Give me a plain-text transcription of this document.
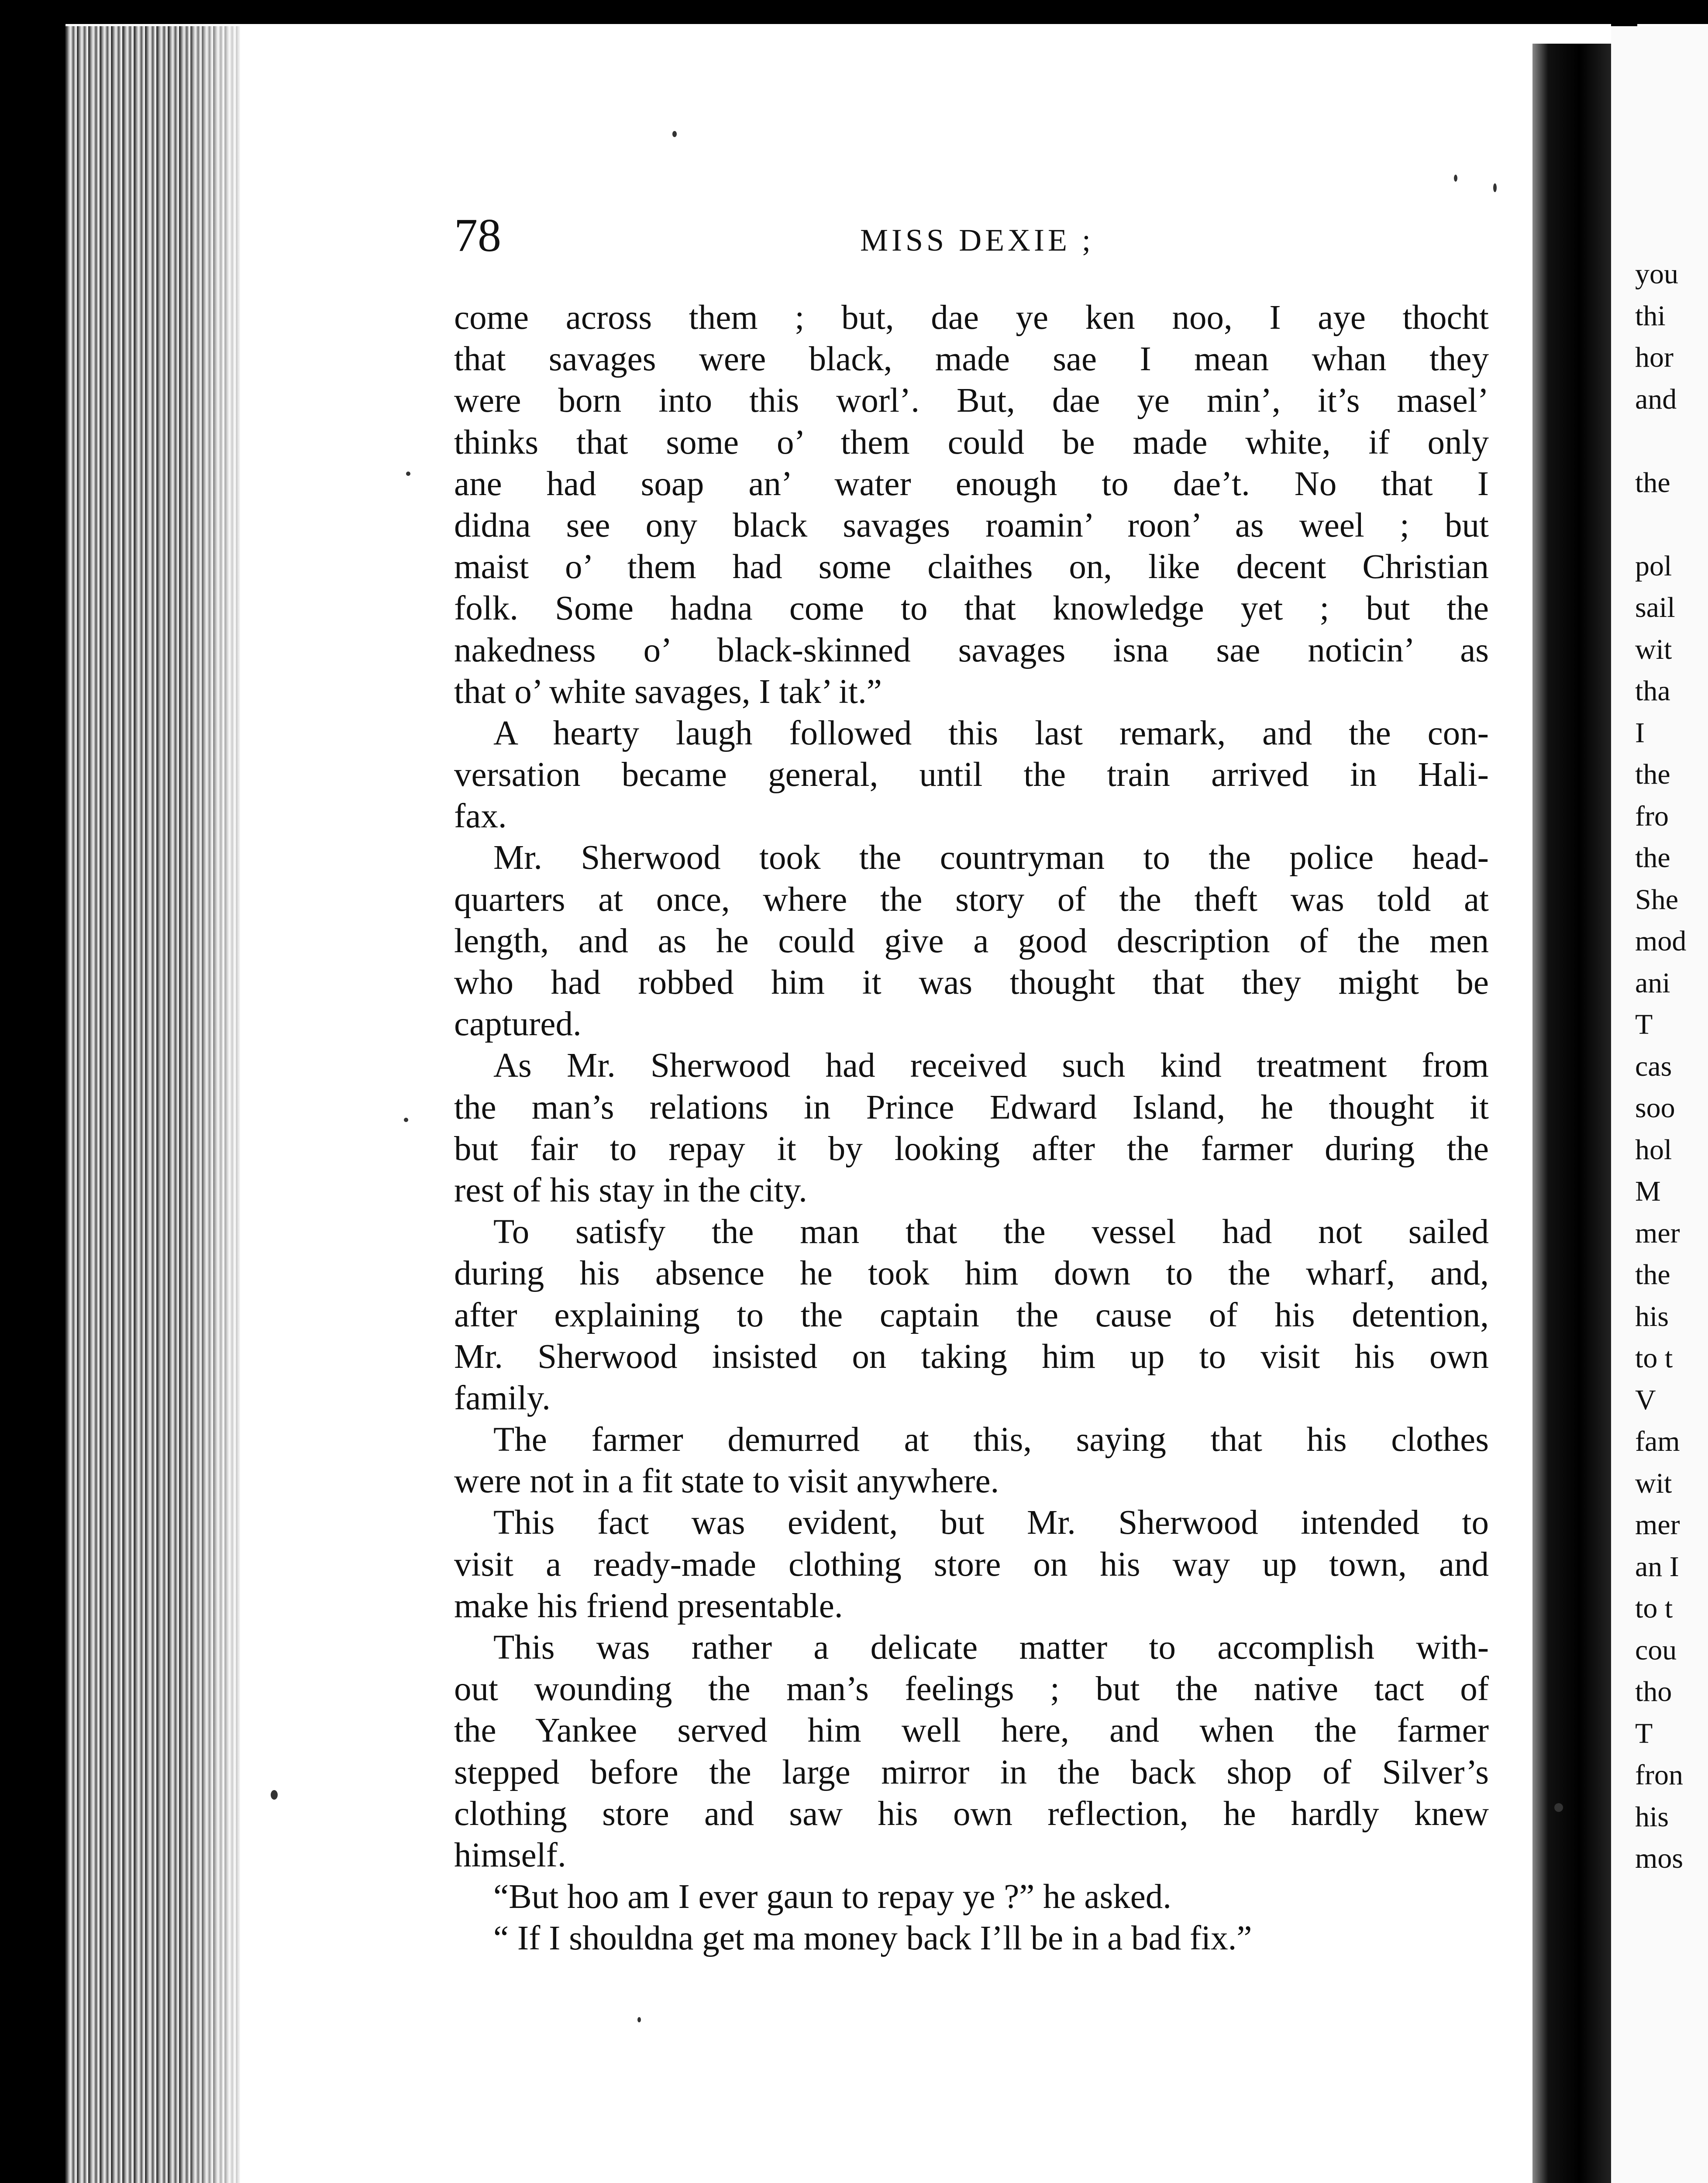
you
thi
hor
and
the
pol
sail
wit
tha
I
the
fro
the
She
mod
ani
T
cas
soo
hol
M
mer
the
his
to t
V
fam
wit
mer
an I
to t
cou
tho
T
fron
his
mos
78	MISS DEXIE ;
come across them ; but, dae ye ken noo, I aye thocht
that savages were black, made sae I mean whan they
were born into this worl’. But, dae ye min’, it’s masel’
thinks that some o’ them could be made white, if only
ane had soap an’ water enough to dae’t. No that I
didna see ony black savages roamin’ roon’ as weel ; but
maist o’ them had some claithes on, like decent Christian
folk. Some hadna come to that knowledge yet ; but the
nakedness o’ black-skinned savages isna sae noticin’ as
that o’ white savages, I tak’ it.”
A hearty laugh followed this last remark, and the con-
versation became general, until the train arrived in Hali-
fax.
Mr. Sherwood took the countryman to the police head-
quarters at once, where the story of the theft was told at
length, and as he could give a good description of the men
who had robbed him it was thought that they might be
captured.
As Mr. Sherwood had received such kind treatment from
the man’s relations in Prince Edward Island, he thought it
but fair to repay it by looking after the farmer during the
rest of his stay in the city.
To satisfy the man that the vessel had not sailed
during his absence he took him down to the wharf, and,
after explaining to the captain the cause of his detention,
Mr. Sherwood insisted on taking him up to visit his own
family.
The farmer demurred at this, saying that his clothes
were not in a fit state to visit anywhere.
This fact was evident, but Mr. Sherwood intended to
visit a ready-made clothing store on his way up town, and
make his friend presentable.
This was rather a delicate matter to accomplish with-
out wounding the man’s feelings ; but the native tact of
the Yankee served him well here, and when the farmer
stepped before the large mirror in the back shop of Silver’s
clothing store and saw his own reflection, he hardly knew
himself.
“But hoo am I ever gaun to repay ye ?” he asked.
“ If I shouldna get ma money back I’ll be in a bad fix.”
